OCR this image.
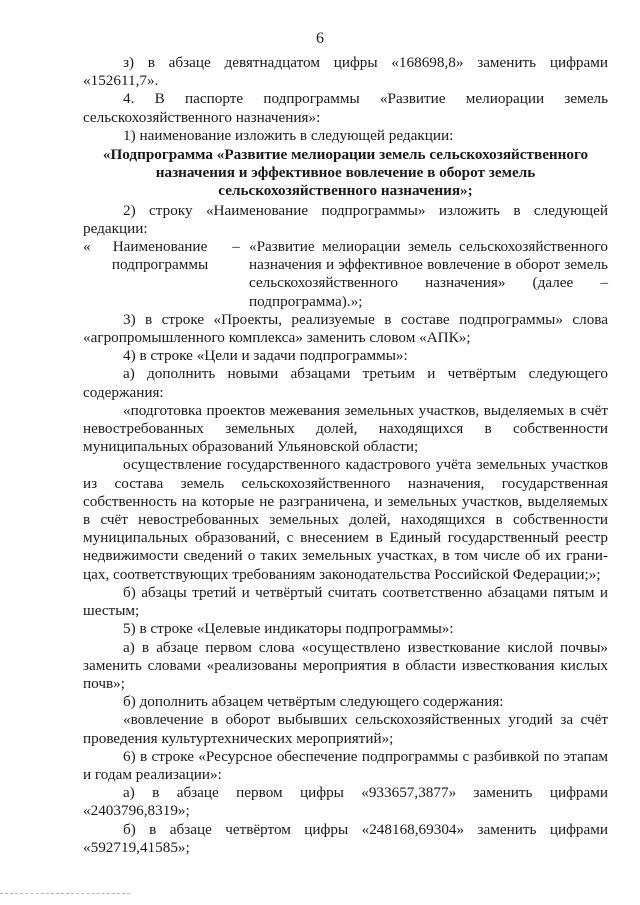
6

з) в абзаце девятнадцатом цифры «168698,8» заменить цифрами «152611,7».

4. В паспорте подпрограммы «Развитие мелиорации земель сельскохозяйственного назначения»:

1) наименование изложить в следующей редакции:

«Подпрограмма «Развитие мелиорации земель сельскохозяйственного назначения и эффективное вовлечение в оборот земель сельскохозяйственного назначения»;

2) строку «Наименование подпрограммы» изложить в следующей редакции:

«	Наименование подпрограммы
– «Развитие мелиорации земель сельскохозяйственного назначения и эффективное вовлечение в оборот земель сельскохозяйственного назначения» (далее – подпрограмма).»;

3) в строке «Проекты, реализуемые в составе подпрограммы» слова «агропромышленного комплекса» заменить словом «АПК»;

4) в строке «Цели и задачи подпрограммы»:

а) дополнить новыми абзацами третьим и четвёртым следующего содержания:

«подготовка проектов межевания земельных участков, выделяемых в счёт невостребованных земельных долей, находящихся в собственности муниципальных образований Ульяновской области;

осуществление государственного кадастрового учёта земельных участков из состава земель сельскохозяйственного назначения, государственная собственность на которые не разграничена, и земельных участков, выделяемых в счёт невостребованных земельных долей, находящихся в собственности муниципальных образований, с внесением в Единый государственный реестр недвижимости сведений о таких земельных участках, в том числе об их границах, соответствующих требованиям законодательства Российской Федерации;»;

б) абзацы третий и четвёртый считать соответственно абзацами пятым и шестым;

5) в строке «Целевые индикаторы подпрограммы»:

а) в абзаце первом слова «осуществлено известкование кислой почвы» заменить словами «реализованы мероприятия в области известкования кислых почв»;

б) дополнить абзацем четвёртым следующего содержания:

«вовлечение в оборот выбывших сельскохозяйственных угодий за счёт проведения культуртехнических мероприятий»;

6) в строке «Ресурсное обеспечение подпрограммы с разбивкой по этапам и годам реализации»:

а) в абзаце первом цифры «933657,3877» заменить цифрами «2403796,8319»;

б) в абзаце четвёртом цифры «248168,69304» заменить цифрами «592719,41585»;
